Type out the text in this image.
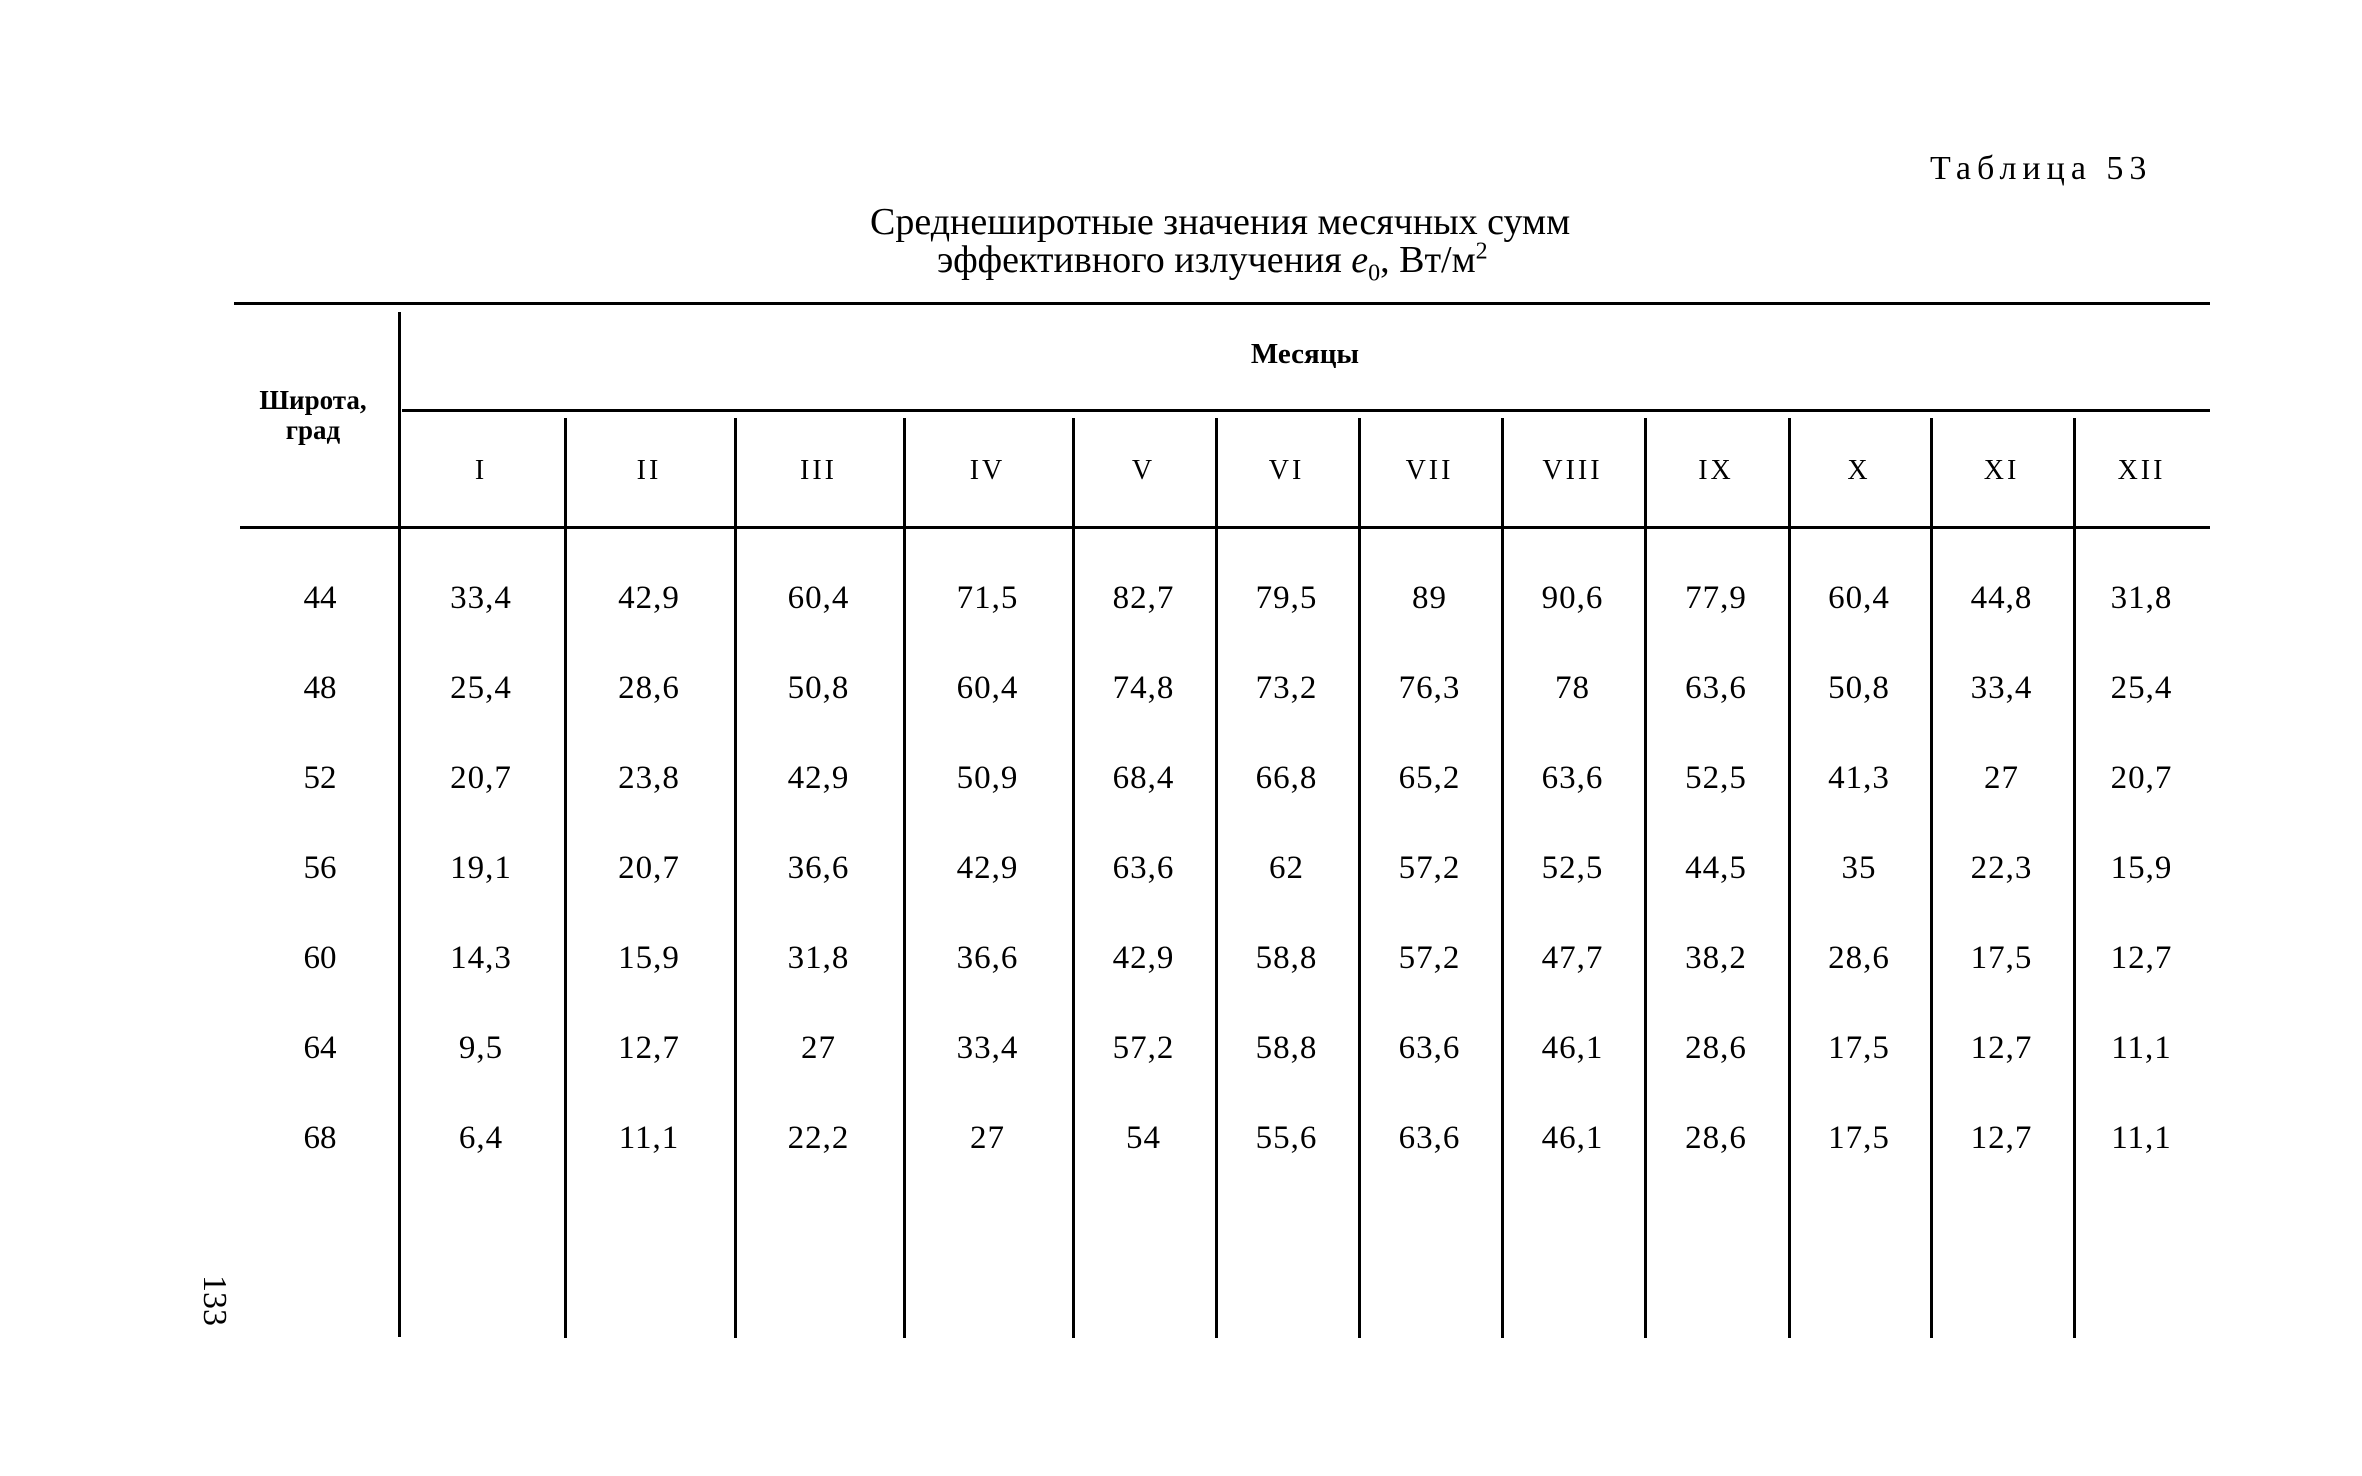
Таблица 53
Среднеширотные значения месячных сумм
эффективного излучения $e_0$, $Вт/м^2$
Широта, град
Месяцы
I	II	III	IV	V	VI	VII	VIII	IX	X	XI	XII
44	33,4	42,9	60,4	71,5	82,7	79,5	89	90,6	77,9	60,4	44,8	31,8
48	25,4	28,6	50,8	60,4	74,8	73,2	76,3	78	63,6	50,8	33,4	25,4
52	20,7	23,8	42,9	50,9	68,4	66,8	65,2	63,6	52,5	41,3	27	20,7
56	19,1	20,7	36,6	42,9	63,6	62	57,2	52,5	44,5	35	22,3	15,9
60	14,3	15,9	31,8	36,6	42,9	58,8	57,2	47,7	38,2	28,6	17,5	12,7
64	9,5	12,7	27	33,4	57,2	58,8	63,6	46,1	28,6	17,5	12,7	11,1
68	6,4	11,1	22,2	27	54	55,6	63,6	46,1	28,6	17,5	12,7	11,1
133
